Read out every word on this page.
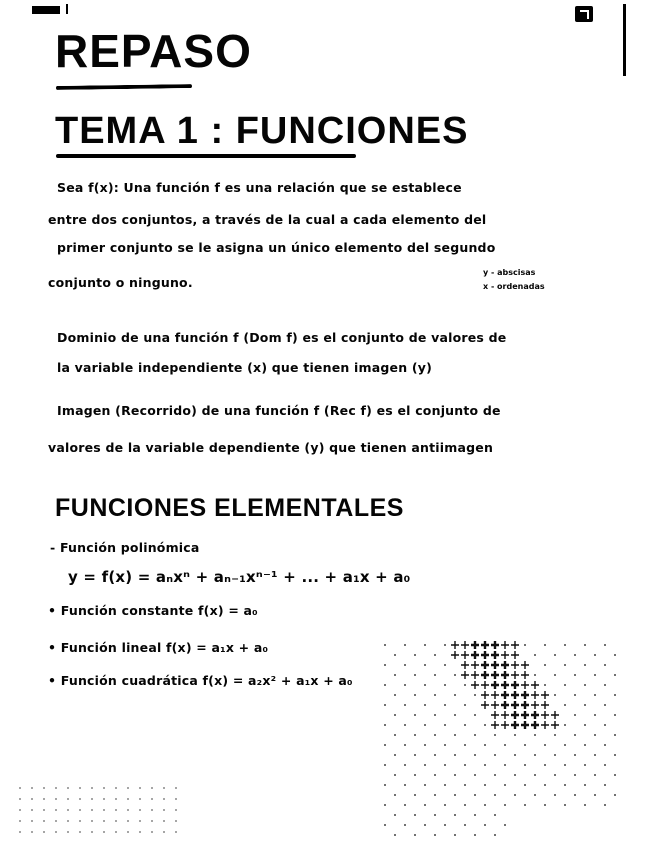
REPASO
TEMA 1 : FUNCIONES

Sea f(x): Una función f es una relación que se establece

entre dos conjuntos, a través de la cual a cada elemento del

primer conjunto se le asigna un único elemento del segundo

conjunto o ninguno.

y - abscisas
x - ordenadas

Dominio de una función f (Dom f) es el conjunto de valores de

la variable independiente (x) que tienen imagen (y)

Imagen (Recorrido) de una función f (Rec f) es el conjunto de

valores de la variable dependiente (y) que tienen antiimagen

FUNCIONES ELEMENTALES

- Función polinómica

y = f(x) = aₙxⁿ + aₙ₋₁xⁿ⁻¹ + ... + a₁x + a₀

• Función constante f(x) = a₀

• Función lineal f(x) = a₁x + a₀

• Función cuadrática f(x) = a₂x² + a₁x + a₀
